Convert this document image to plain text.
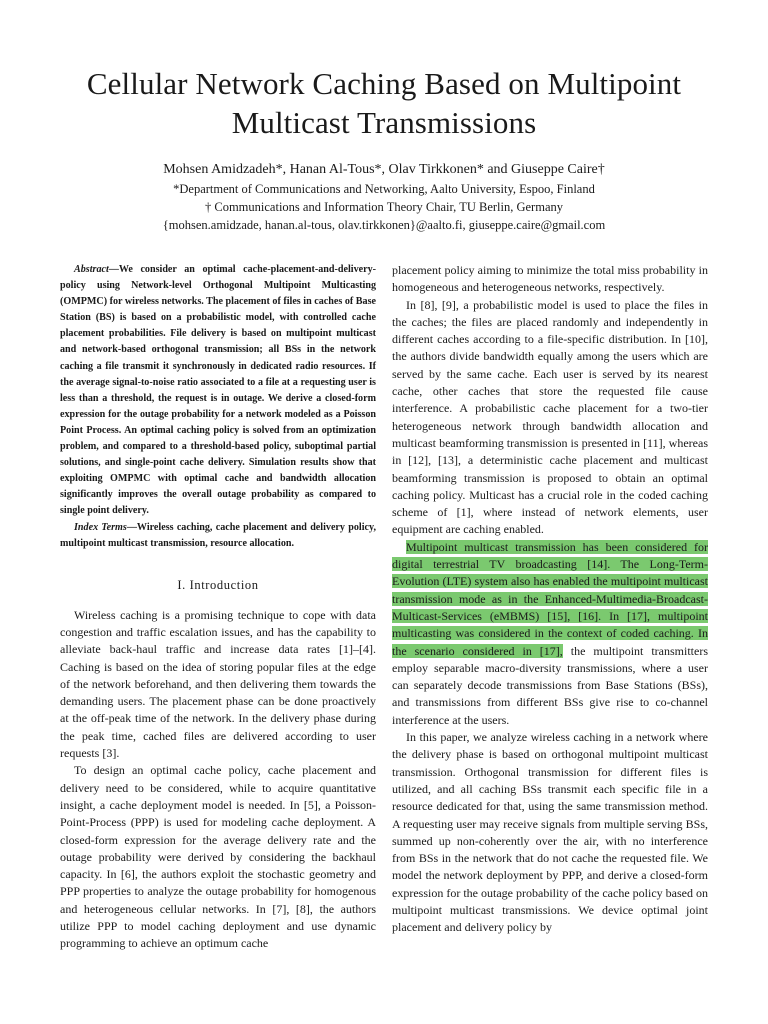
Cellular Network Caching Based on Multipoint
Multicast Transmissions
Mohsen Amidzadeh*, Hanan Al-Tous*, Olav Tirkkonen* and Giuseppe Caire†
*Department of Communications and Networking, Aalto University, Espoo, Finland
† Communications and Information Theory Chair, TU Berlin, Germany
{mohsen.amidzade, hanan.al-tous, olav.tirkkonen}@aalto.fi, giuseppe.caire@gmail.com

Abstract—We consider an optimal cache-placement-and-delivery-policy using Network-level Orthogonal Multipoint Multicasting (OMPMC) for wireless networks. The placement of files in caches of Base Station (BS) is based on a probabilistic model, with controlled cache placement probabilities. File delivery is based on multipoint multicast and network-based orthogonal transmission; all BSs in the network caching a file transmit it synchronously in dedicated radio resources. If the average signal-to-noise ratio associated to a file at a requesting user is less than a threshold, the request is in outage. We derive a closed-form expression for the outage probability for a network modeled as a Poisson Point Process. An optimal caching policy is solved from an optimization problem, and compared to a threshold-based policy, suboptimal partial solutions, and single-point cache delivery. Simulation results show that exploiting OMPMC with optimal cache and bandwidth allocation significantly improves the overall outage probability as compared to single point delivery.

Index Terms—Wireless caching, cache placement and delivery policy, multipoint multicast transmission, resource allocation.

I. Introduction

Wireless caching is a promising technique to cope with data congestion and traffic escalation issues, and has the capability to alleviate back-haul traffic and increase data rates [1]–[4]. Caching is based on the idea of storing popular files at the edge of the network beforehand, and then delivering them towards the demanding users. The placement phase can be done proactively at the off-peak time of the network. In the delivery phase during the peak time, cached files are delivered according to user requests [3].

To design an optimal cache policy, cache placement and delivery need to be considered, while to acquire quantitative insight, a cache deployment model is needed. In [5], a Poisson-Point-Process (PPP) is used for modeling cache deployment. A closed-form expression for the average delivery rate and the outage probability were derived by considering the backhaul capacity. In [6], the authors exploit the stochastic geometry and PPP properties to analyze the outage probability for homogenous and heterogeneous cellular networks. In [7], [8], the authors utilize PPP to model caching deployment and use dynamic programming to achieve an optimum cache

placement policy aiming to minimize the total miss probability in homogeneous and heterogeneous networks, respectively.

In [8], [9], a probabilistic model is used to place the files in the caches; the files are placed randomly and independently in different caches according to a file-specific distribution. In [10], the authors divide bandwidth equally among the users which are served by the same cache. Each user is served by its nearest cache, other caches that store the requested file cause interference. A probabilistic cache placement for a two-tier heterogeneous network through bandwidth allocation and multicast beamforming transmission is presented in [11], whereas in [12], [13], a deterministic cache placement and multicast beamforming transmission is proposed to obtain an optimal caching policy. Multicast has a crucial role in the coded caching scheme of [1], where instead of network elements, user equipment are caching enabled.

Multipoint multicast transmission has been considered for digital terrestrial TV broadcasting [14]. The Long-Term-Evolution (LTE) system also has enabled the multipoint multicast transmission mode as in the Enhanced-Multimedia-Broadcast-Multicast-Services (eMBMS) [15], [16]. In [17], multipoint multicasting was considered in the context of coded caching. In the scenario considered in [17], the multipoint transmitters employ separable macro-diversity transmissions, where a user can separately decode transmissions from Base Stations (BSs), and transmissions from different BSs give rise to co-channel interference at the users.

In this paper, we analyze wireless caching in a network where the delivery phase is based on orthogonal multipoint multicast transmission. Orthogonal transmission for different files is utilized, and all caching BSs transmit each specific file in a resource dedicated for that, using the same transmission method. A requesting user may receive signals from multiple serving BSs, summed up non-coherently over the air, with no interference from BSs in the network that do not cache the requested file. We model the network deployment by PPP, and derive a closed-form expression for the outage probability of the cache policy based on multipoint multicast transmissions. We device optimal joint placement and delivery policy by
